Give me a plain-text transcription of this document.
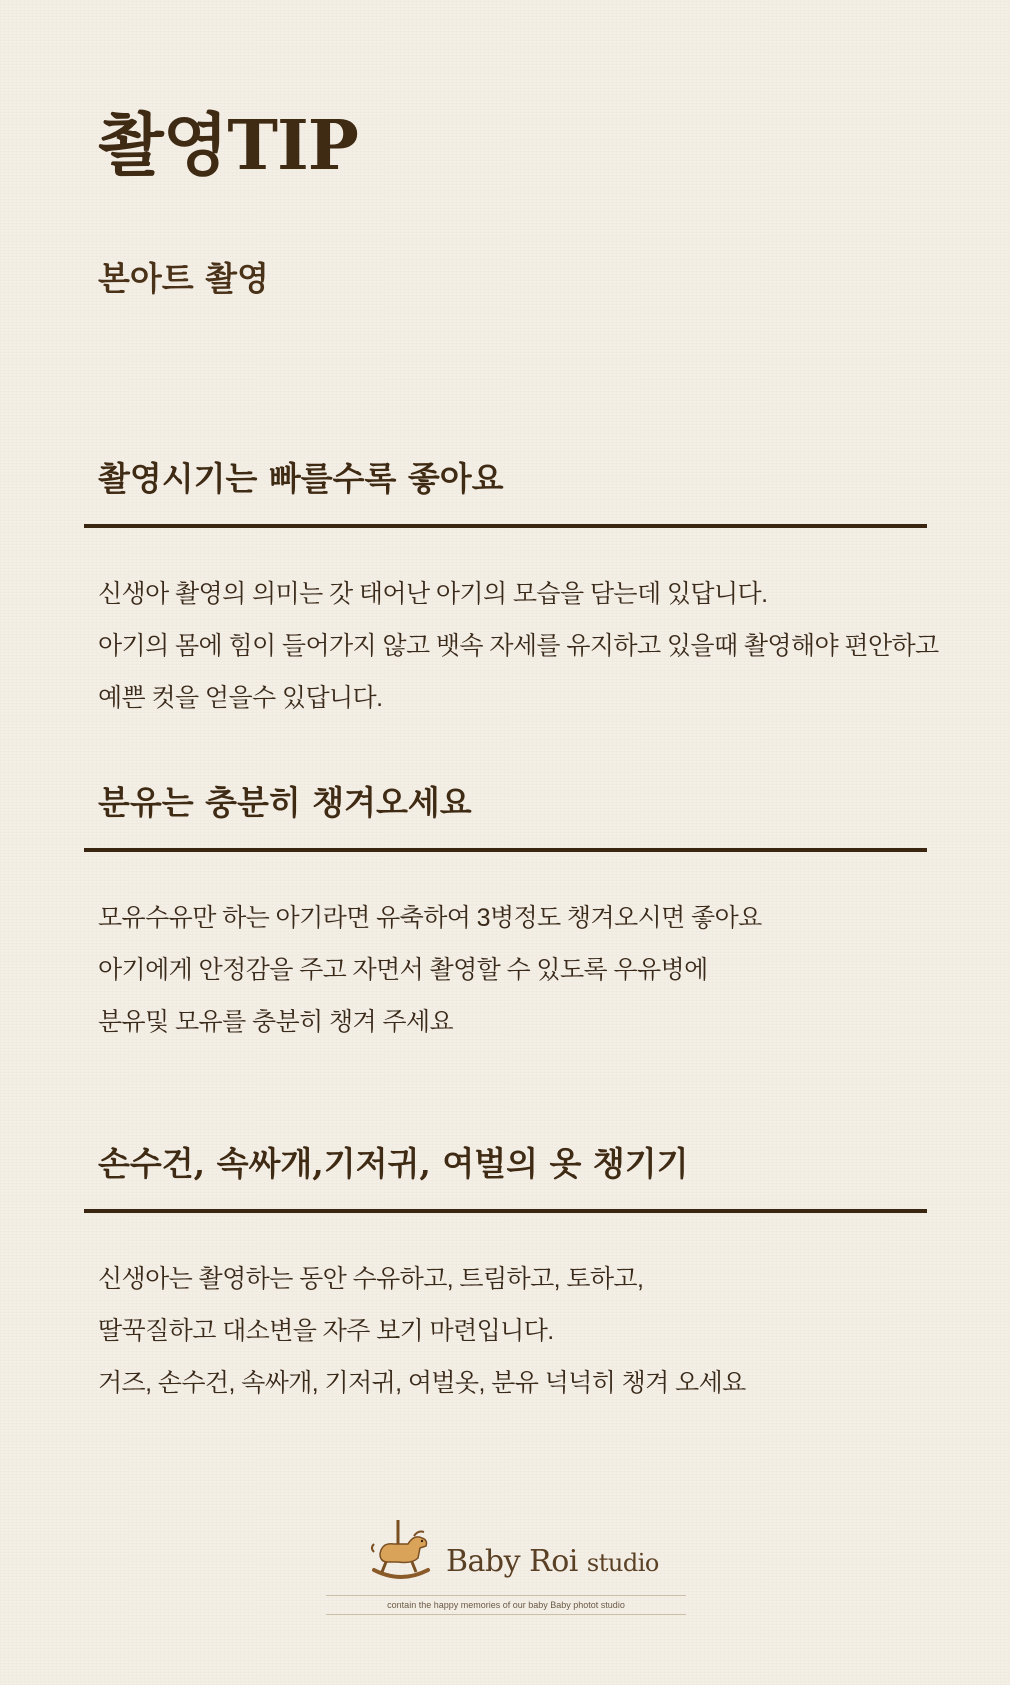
촬영TIP
본아트 촬영
촬영시기는 빠를수록 좋아요
신생아 촬영의 의미는 갓 태어난 아기의 모습을 담는데 있답니다.
아기의 몸에 힘이 들어가지 않고 뱃속 자세를 유지하고 있을때 촬영해야 편안하고
예쁜 컷을 얻을수 있답니다.
분유는 충분히 챙겨오세요
모유수유만 하는 아기라면 유축하여 3병정도 챙겨오시면 좋아요
아기에게 안정감을 주고 자면서 촬영할 수 있도록 우유병에
분유및 모유를 충분히 챙겨 주세요
손수건, 속싸개,기저귀, 여벌의 옷 챙기기
신생아는 촬영하는 동안 수유하고, 트림하고, 토하고,
딸꾹질하고 대소변을 자주 보기 마련입니다.
거즈, 손수건, 속싸개, 기저귀, 여벌옷, 분유 넉넉히 챙겨 오세요
Baby Roi studio
contain the happy memories of our baby Baby photot studio
